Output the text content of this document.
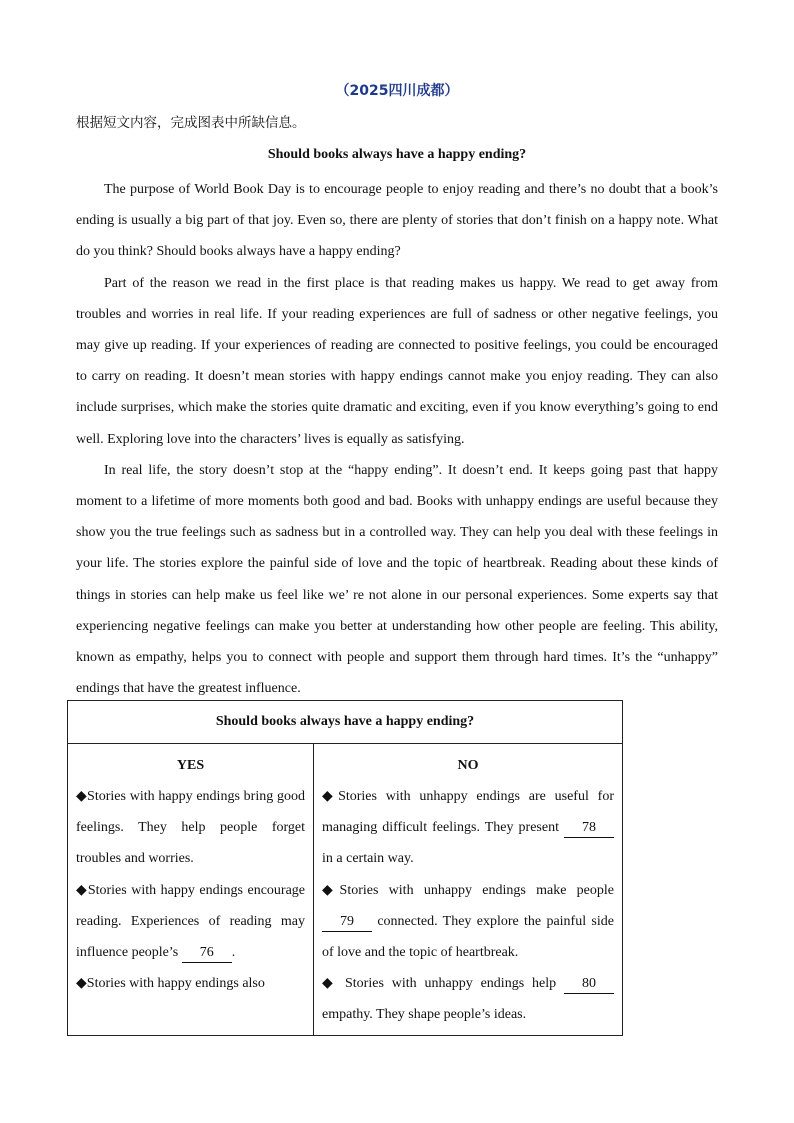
（2025四川成都）
根据短文内容，完成图表中所缺信息。
Should books always have a happy ending?

The purpose of World Book Day is to encourage people to enjoy reading and there’s no doubt that a book’s ending is usually a big part of that joy. Even so, there are plenty of stories that don’t finish on a happy note. What do you think? Should books always have a happy ending?

Part of the reason we read in the first place is that reading makes us happy. We read to get away from troubles and worries in real life. If your reading experiences are full of sadness or other negative feelings, you may give up reading. If your experiences of reading are connected to positive feelings, you could be encouraged to carry on reading. It doesn’t mean stories with happy endings cannot make you enjoy reading. They can also include surprises, which make the stories quite dramatic and exciting, even if you know everything’s going to end well. Exploring love into the characters’ lives is equally as satisfying.

In real life, the story doesn’t stop at the “happy ending”. It doesn’t end. It keeps going past that happy moment to a lifetime of more moments both good and bad. Books with unhappy endings are useful because they show you the true feelings such as sadness but in a controlled way. They can help you deal with these feelings in your life. The stories explore the painful side of love and the topic of heartbreak. Reading about these kinds of things in stories can help make us feel like we’ re not alone in our personal experiences. Some experts say that experiencing negative feelings can make you better at understanding how other people are feeling. This ability, known as empathy, helps you to connect with people and support them through hard times. It’s the “unhappy” endings that have the greatest influence.

Should books always have a happy ending?

YES
◆Stories with happy endings bring good feelings. They help people forget troubles and worries.
◆Stories with happy endings encourage reading. Experiences of reading may influence people’s 76 .
◆Stories with happy endings also

NO
◆Stories with unhappy endings are useful for managing difficult feelings. They present 78 in a certain way.
◆Stories with unhappy endings make people 79 connected. They explore the painful side of love and the topic of heartbreak.
◆ Stories with unhappy endings help 80 empathy. They shape people’s ideas.
